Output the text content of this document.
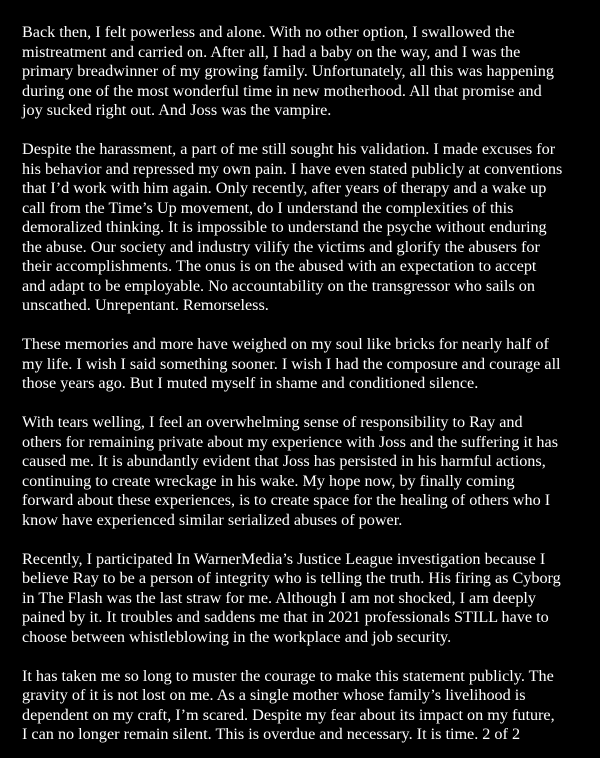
Back then, I felt powerless and alone. With no other option, I swallowed the
mistreatment and carried on. After all, I had a baby on the way, and I was the
primary breadwinner of my growing family. Unfortunately, all this was happening
during one of the most wonderful time in new motherhood. All that promise and
joy sucked right out. And Joss was the vampire.

Despite the harassment, a part of me still sought his validation. I made excuses for
his behavior and repressed my own pain. I have even stated publicly at conventions
that I’d work with him again. Only recently, after years of therapy and a wake up
call from the Time’s Up movement, do I understand the complexities of this
demoralized thinking. It is impossible to understand the psyche without enduring
the abuse. Our society and industry vilify the victims and glorify the abusers for
their accomplishments. The onus is on the abused with an expectation to accept
and adapt to be employable. No accountability on the transgressor who sails on
unscathed. Unrepentant. Remorseless.

These memories and more have weighed on my soul like bricks for nearly half of
my life. I wish I said something sooner. I wish I had the composure and courage all
those years ago. But I muted myself in shame and conditioned silence.

With tears welling, I feel an overwhelming sense of responsibility to Ray and
others for remaining private about my experience with Joss and the suffering it has
caused me. It is abundantly evident that Joss has persisted in his harmful actions,
continuing to create wreckage in his wake. My hope now, by finally coming
forward about these experiences, is to create space for the healing of others who I
know have experienced similar serialized abuses of power.

Recently, I participated In WarnerMedia’s Justice League investigation because I
believe Ray to be a person of integrity who is telling the truth. His firing as Cyborg
in The Flash was the last straw for me. Although I am not shocked, I am deeply
pained by it. It troubles and saddens me that in 2021 professionals STILL have to
choose between whistleblowing in the workplace and job security.

It has taken me so long to muster the courage to make this statement publicly. The
gravity of it is not lost on me. As a single mother whose family’s livelihood is
dependent on my craft, I’m scared. Despite my fear about its impact on my future,
I can no longer remain silent. This is overdue and necessary. It is time. 2 of 2
